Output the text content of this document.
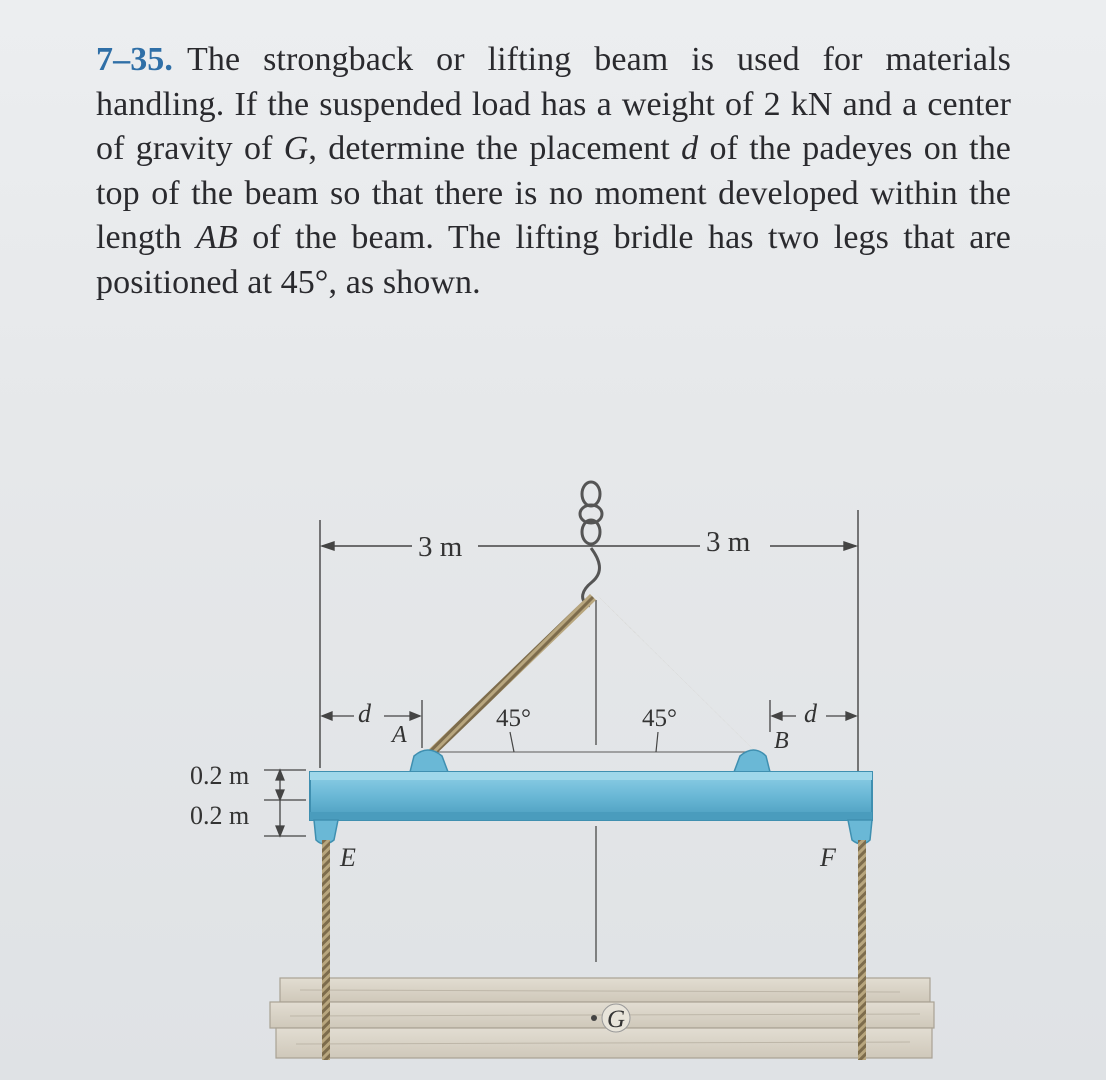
7–35. The strongback or lifting beam is used for materials handling. If the suspended load has a weight of 2 kN and a center of gravity of G, determine the placement d of the padeyes on the top of the beam so that there is no moment developed within the length AB of the beam. The lifting bridle has two legs that are positioned at 45°, as shown.
3 m	3 m
45°	45°
d
A
d
B
0.2 m
0.2 m
E	F
G
